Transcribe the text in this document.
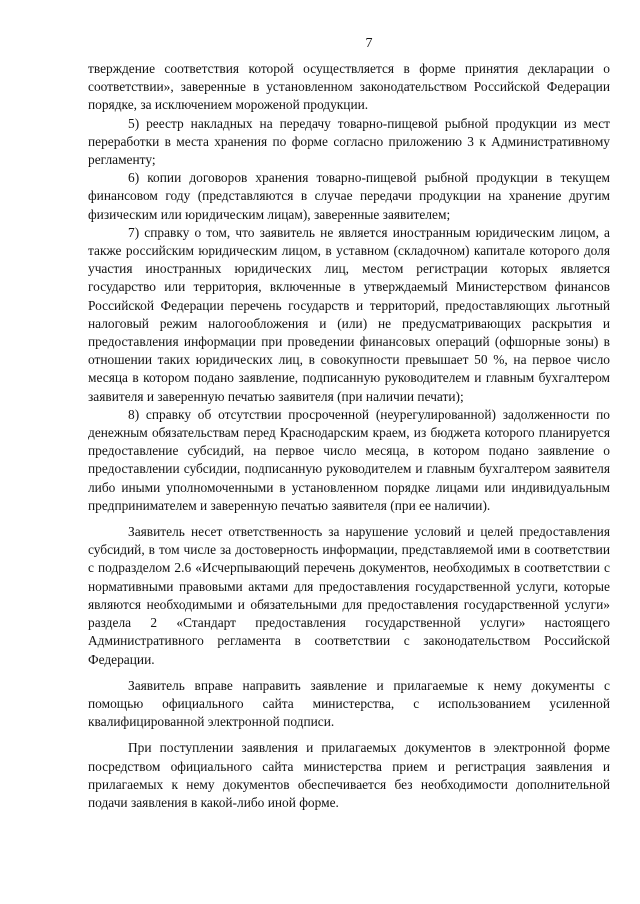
7

тверждение соответствия которой осуществляется в форме принятия декларации о соответствии», заверенные в установленном законодательством Российской Федерации порядке, за исключением мороженой продукции.

5) реестр накладных на передачу товарно-пищевой рыбной продукции из мест переработки в места хранения по форме согласно приложению 3 к Административному регламенту;

6) копии договоров хранения товарно-пищевой рыбной продукции в текущем финансовом году (представляются в случае передачи продукции на хранение другим физическим или юридическим лицам), заверенные заявителем;

7) справку о том, что заявитель не является иностранным юридическим лицом, а также российским юридическим лицом, в уставном (складочном) капитале которого доля участия иностранных юридических лиц, местом регистрации которых является государство или территория, включенные в утверждаемый Министерством финансов Российской Федерации перечень государств и территорий, предоставляющих льготный налоговый режим налогообложения и (или) не предусматривающих раскрытия и предоставления информации при проведении финансовых операций (офшорные зоны) в отношении таких юридических лиц, в совокупности превышает 50 %, на первое число месяца в котором подано заявление, подписанную руководителем и главным бухгалтером заявителя и заверенную печатью заявителя (при наличии печати);

8) справку об отсутствии просроченной (неурегулированной) задолженности по денежным обязательствам перед Краснодарским краем, из бюджета которого планируется предоставление субсидий, на первое число месяца, в котором подано заявление о предоставлении субсидии, подписанную руководителем и главным бухгалтером заявителя либо иными уполномоченными в установленном порядке лицами или индивидуальным предпринимателем и заверенную печатью заявителя (при ее наличии).

Заявитель несет ответственность за нарушение условий и целей предоставления субсидий, в том числе за достоверность информации, представляемой ими в соответствии с подразделом 2.6 «Исчерпывающий перечень документов, необходимых в соответствии с нормативными правовыми актами для предоставления государственной услуги, которые являются необходимыми и обязательными для предоставления государственной услуги» раздела 2 «Стандарт предоставления государственной услуги» настоящего Административного регламента в соответствии с законодательством Российской Федерации.

Заявитель вправе направить заявление и прилагаемые к нему документы с помощью официального сайта министерства, с использованием усиленной квалифицированной электронной подписи.

При поступлении заявления и прилагаемых документов в электронной форме посредством официального сайта министерства прием и регистрация заявления и прилагаемых к нему документов обеспечивается без необходимости дополнительной подачи заявления в какой-либо иной форме.
